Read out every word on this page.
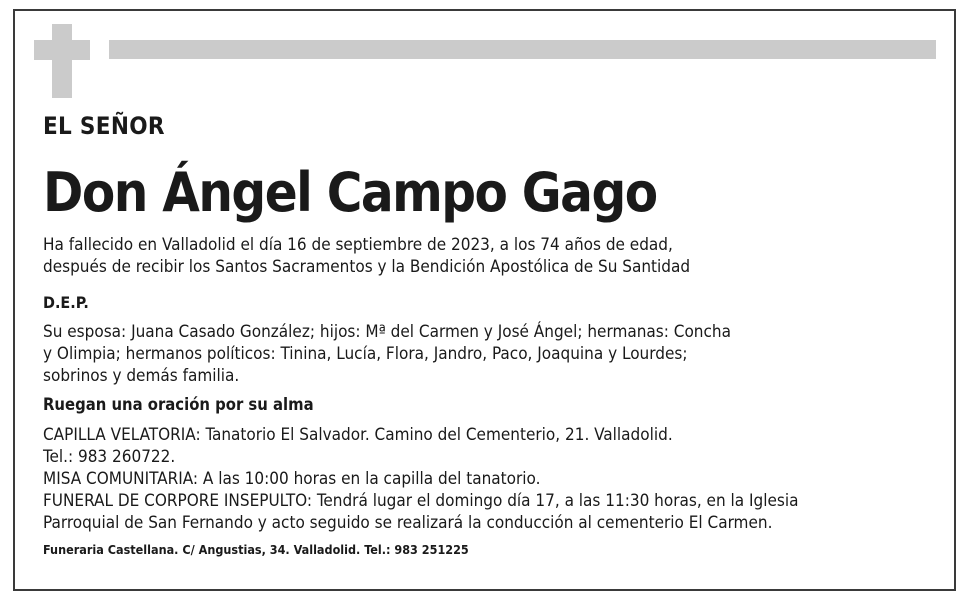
EL SEÑOR
Don Ángel Campo Gago
Ha fallecido en Valladolid el día 16 de septiembre de 2023, a los 74 años de edad,
después de recibir los Santos Sacramentos y la Bendición Apostólica de Su Santidad
D.E.P.
Su esposa: Juana Casado González; hijos: Mª del Carmen y José Ángel; hermanas: Concha
y Olimpia; hermanos políticos: Tinina, Lucía, Flora, Jandro, Paco, Joaquina y Lourdes;
sobrinos y demás familia.
Ruegan una oración por su alma
CAPILLA VELATORIA: Tanatorio El Salvador. Camino del Cementerio, 21. Valladolid.
Tel.: 983 260722.
MISA COMUNITARIA: A las 10:00 horas en la capilla del tanatorio.
FUNERAL DE CORPORE INSEPULTO: Tendrá lugar el domingo día 17, a las 11:30 horas, en la Iglesia
Parroquial de San Fernando y acto seguido se realizará la conducción al cementerio El Carmen.
Funeraria Castellana. C/ Angustias, 34. Valladolid. Tel.: 983 251225
